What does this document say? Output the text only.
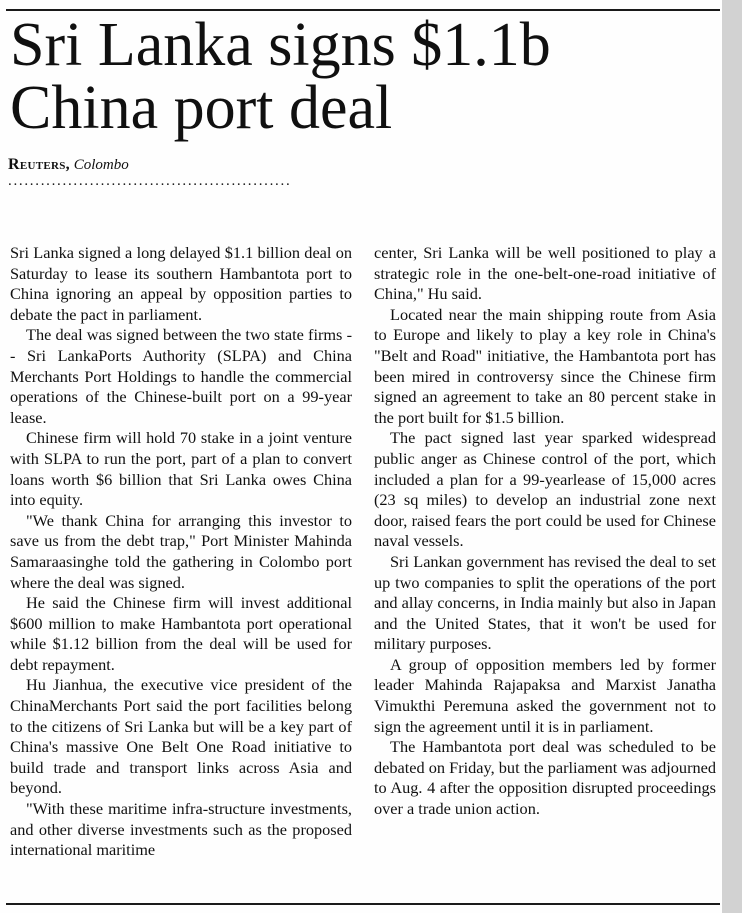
Sri Lanka signs $1.1b
China port deal
Reuters, Colombo
....................................................

Sri Lanka signed a long delayed $1.1 billion deal on Saturday to lease its southern Hambantota port to China ignoring an appeal by opposition parties to debate the pact in parliament.

The deal was signed between the two state firms -- Sri LankaPorts Authority (SLPA) and China Merchants Port Holdings to handle the commercial operations of the Chinese-built port on a 99-year lease.

Chinese firm will hold 70 stake in a joint venture with SLPA to run the port, part of a plan to convert loans worth $6 billion that Sri Lanka owes China into equity.

"We thank China for arranging this investor to save us from the debt trap," Port Minister Mahinda Samaraasinghe told the gathering in Colombo port where the deal was signed.

He said the Chinese firm will invest additional $600 million to make Hambantota port operational while $1.12 billion from the deal will be used for debt repayment.

Hu Jianhua, the executive vice president of the ChinaMerchants Port said the port facilities belong to the citizens of Sri Lanka but will be a key part of China's massive One Belt One Road initiative to build trade and transport links across Asia and beyond.

"With these maritime infra-structure investments, and other diverse investments such as the proposed international maritime

center, Sri Lanka will be well positioned to play a strategic role in the one-belt-one-road initiative of China," Hu said.

Located near the main shipping route from Asia to Europe and likely to play a key role in China's "Belt and Road" initiative, the Hambantota port has been mired in controversy since the Chinese firm signed an agreement to take an 80 percent stake in the port built for $1.5 billion.

The pact signed last year sparked widespread public anger as Chinese control of the port, which included a plan for a 99-yearlease of 15,000 acres (23 sq miles) to develop an industrial zone next door, raised fears the port could be used for Chinese naval vessels.

Sri Lankan government has revised the deal to set up two companies to split the operations of the port and allay concerns, in India mainly but also in Japan and the United States, that it won't be used for military purposes.

A group of opposition members led by former leader Mahinda Rajapaksa and Marxist Janatha Vimukthi Peremuna asked the government not to sign the agreement until it is in parliament.

The Hambantota port deal was scheduled to be debated on Friday, but the parliament was adjourned to Aug. 4 after the opposition disrupted proceedings over a trade union action.
